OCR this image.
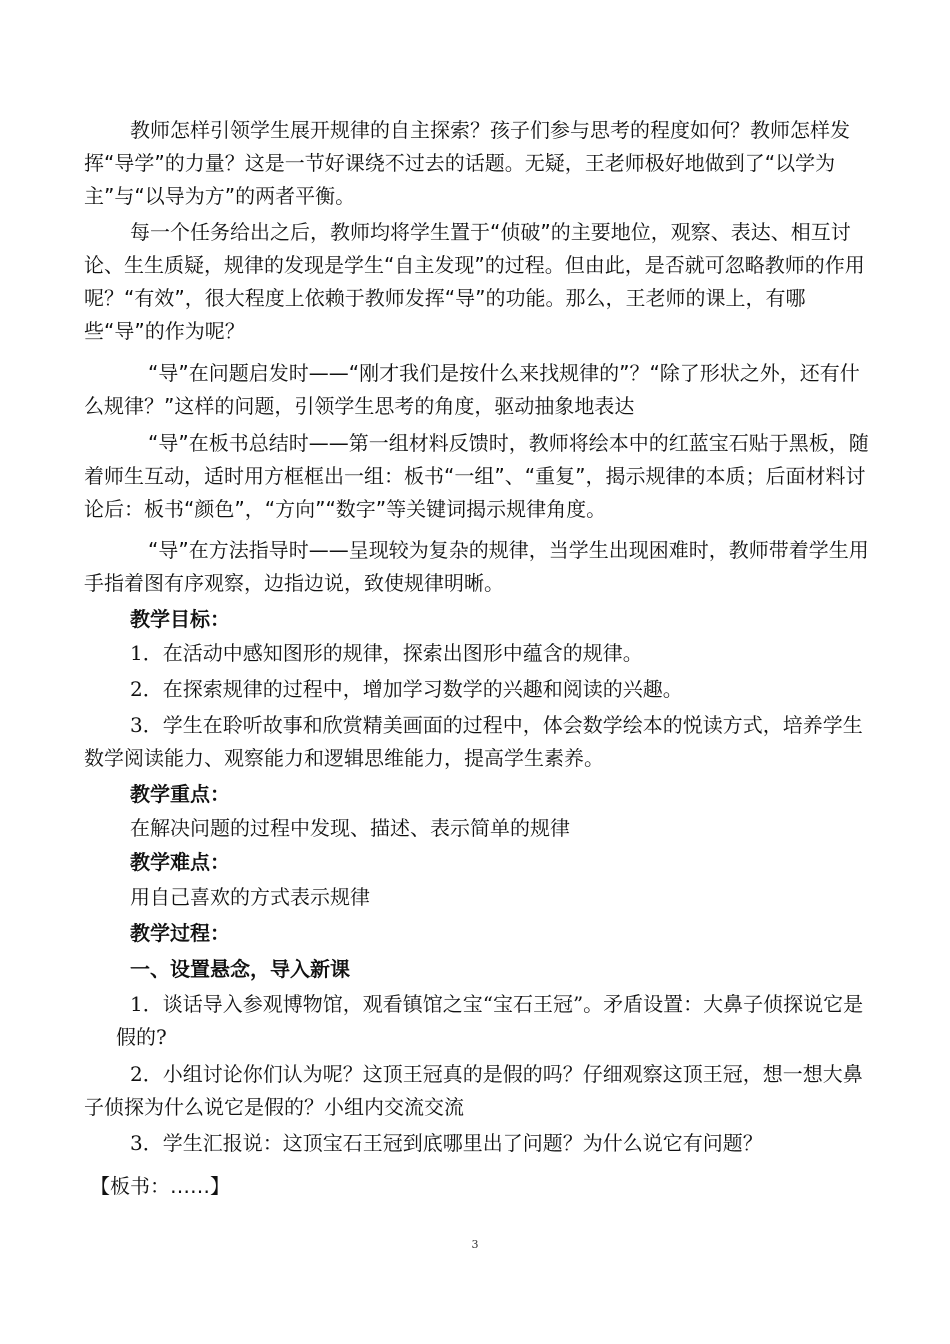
教师怎样引领学生展开规律的自主探索？孩子们参与思考的程度如何？教师怎样发挥“导学”的力量？这是一节好课绕不过去的话题。无疑，王老师极好地做到了“以学为主”与“以导为方”的两者平衡。

每一个任务给出之后，教师均将学生置于“侦破”的主要地位，观察、表达、相互讨论、生生质疑，规律的发现是学生“自主发现”的过程。但由此，是否就可忽略教师的作用呢？“有效”，很大程度上依赖于教师发挥“导”的功能。那么，王老师的课上，有哪些“导”的作为呢？

“导”在问题启发时——“刚才我们是按什么来找规律的”？“除了形状之外，还有什么规律？”这样的问题，引领学生思考的角度，驱动抽象地表达

“导”在板书总结时——第一组材料反馈时，教师将绘本中的红蓝宝石贴于黑板，随着师生互动，适时用方框框出一组：板书“一组”、“重复”，揭示规律的本质；后面材料讨论后：板书“颜色”，“方向”“数字”等关键词揭示规律角度。

“导”在方法指导时——呈现较为复杂的规律，当学生出现困难时，教师带着学生用手指着图有序观察，边指边说，致使规律明晰。

教学目标：

1．在活动中感知图形的规律，探索出图形中蕴含的规律。

2．在探索规律的过程中，增加学习数学的兴趣和阅读的兴趣。

3．学生在聆听故事和欣赏精美画面的过程中，体会数学绘本的悦读方式，培养学生数学阅读能力、观察能力和逻辑思维能力，提高学生素养。

教学重点：

在解决问题的过程中发现、描述、表示简单的规律

教学难点：

用自己喜欢的方式表示规律

教学过程：

一、设置悬念，导入新课

1．谈话导入参观博物馆，观看镇馆之宝“宝石王冠”。矛盾设置：大鼻子侦探说它是假的?

2．小组讨论你们认为呢？这顶王冠真的是假的吗？仔细观察这顶王冠，想一想大鼻子侦探为什么说它是假的？小组内交流交流

3．学生汇报说：这顶宝石王冠到底哪里出了问题？为什么说它有问题？

【板书：……】

3
